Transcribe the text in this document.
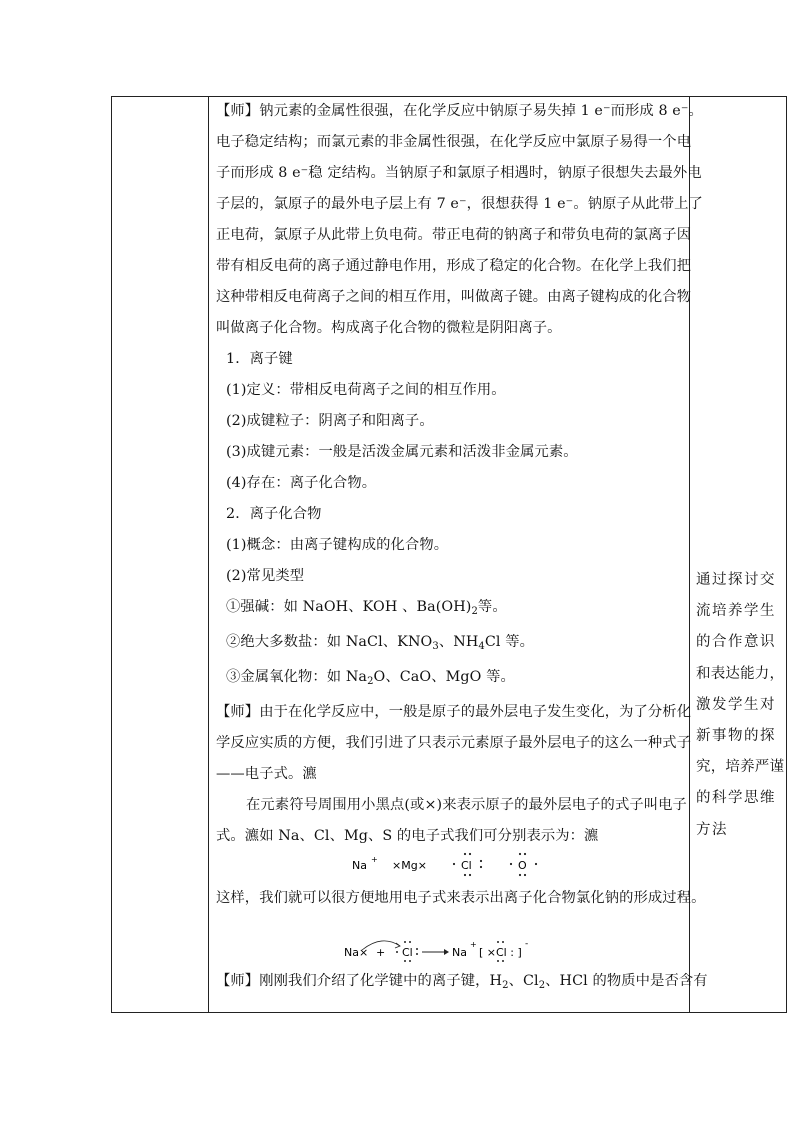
【师】钠元素的金属性很强，在化学反应中钠原子易失掉 1 e⁻而形成 8 e⁻。

电子稳定结构；而氯元素的非金属性很强，在化学反应中氯原子易得一个电

子而形成 8 e⁻稳 定结构。当钠原子和氯原子相遇时，钠原子很想失去最外电

子层的，氯原子的最外电子层上有 7 e⁻，很想获得 1 e⁻。钠原子从此带上了

正电荷，氯原子从此带上负电荷。带正电荷的钠离子和带负电荷的氯离子因

带有相反电荷的离子通过静电作用，形成了稳定的化合物。在化学上我们把

这种带相反电荷离子之间的相互作用，叫做离子键。由离子键构成的化合物

叫做离子化合物。构成离子化合物的微粒是阴阳离子。

1．离子键

(1)定义：带相反电荷离子之间的相互作用。

(2)成键粒子：阴离子和阳离子。

(3)成键元素：一般是活泼金属元素和活泼非金属元素。

(4)存在：离子化合物。

2．离子化合物

(1)概念：由离子键构成的化合物。

(2)常见类型

①强碱：如 NaOH、KOH 、$Ba(OH)_2$等。

②绝大多数盐：如 NaCl、$KNO_3$、$NH_4Cl$ 等。

③金属氧化物：如 $Na_2O$、CaO、MgO 等。

【师】由于在化学反应中，一般是原子的最外层电子发生变化，为了分析化

学反应实质的方便，我们引进了只表示元素原子最外层电子的这么一种式子

——电子式。瀌

在元素符号周围用小黑点(或×)来表示原子的最外层电子的式子叫电子

式。瀌如 Na、Cl、Mg、S 的电子式我们可分别表示为：瀌

这样，我们就可以很方便地用电子式来表示出离子化合物氯化钠的形成过程。

【师】刚刚我们介绍了化学键中的离子键，$H_2$、$Cl_2$、HCl 的物质中是否含有

Na + ×Mg×	Cl	O
Na× + Cl	Na
+
[ ×Cl : ]
-

通过探讨交

流培养学生

的合作意识

和表达能力，

激发学生对

新事物的探

究，培养严谨

的科学思维

方法
